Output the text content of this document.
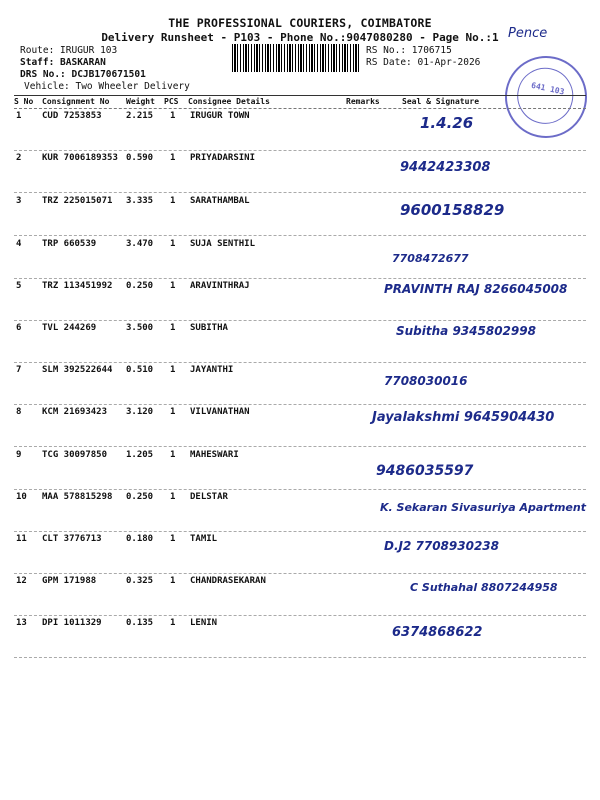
THE PROFESSIONAL COURIERS, COIMBATORE
Delivery Runsheet - P103 - Phone No.:9047080280 - Page No.:1
Route: IRUGUR 103
Staff: BASKARAN
DRS No.: DCJB170671501
Vehicle: Two Wheeler Delivery
RS No.: 1706715
RS Date: 01-Apr-2026
Pence
641 103
S No Consignment No Weight PCS Consignee Details	Remarks	Seal & Signature
1 CUD 7253853	2.215 1 IRUGUR TOWN	1.4.26
2 KUR 7006189353 0.590 1 PRIYADARSINI
9442423308
3 TRZ 225015071 3.335 1 SARATHAMBAL	9600158829
4 TRP 660539	3.470 1 SUJA SENTHIL
7708472677
5 TRZ 113451992 0.250 1 ARAVINTHRAJ	PRAVINTH RAJ 8266045008
6 TVL 244269	3.500 1 SUBITHA	Subitha 9345802998
7 SLM 392522644 0.510 1 JAYANTHI
7708030016
8 KCM 21693423 3.120 1 VILVANATHAN	Jayalakshmi 9645904430
9 TCG 30097850 1.205 1 MAHESWARI
9486035597
10 MAA 578815298 0.250 1 DELSTAR
K. Sekaran Sivasuriya Apartment
11 CLT 3776713	0.180 1 TAMIL	D.J2 7708930238
12 GPM 171988	0.325 1 CHANDRASEKARAN	C Suthahal 8807244958
13 DPI 1011329	0.135 1 LENIN
6374868622
